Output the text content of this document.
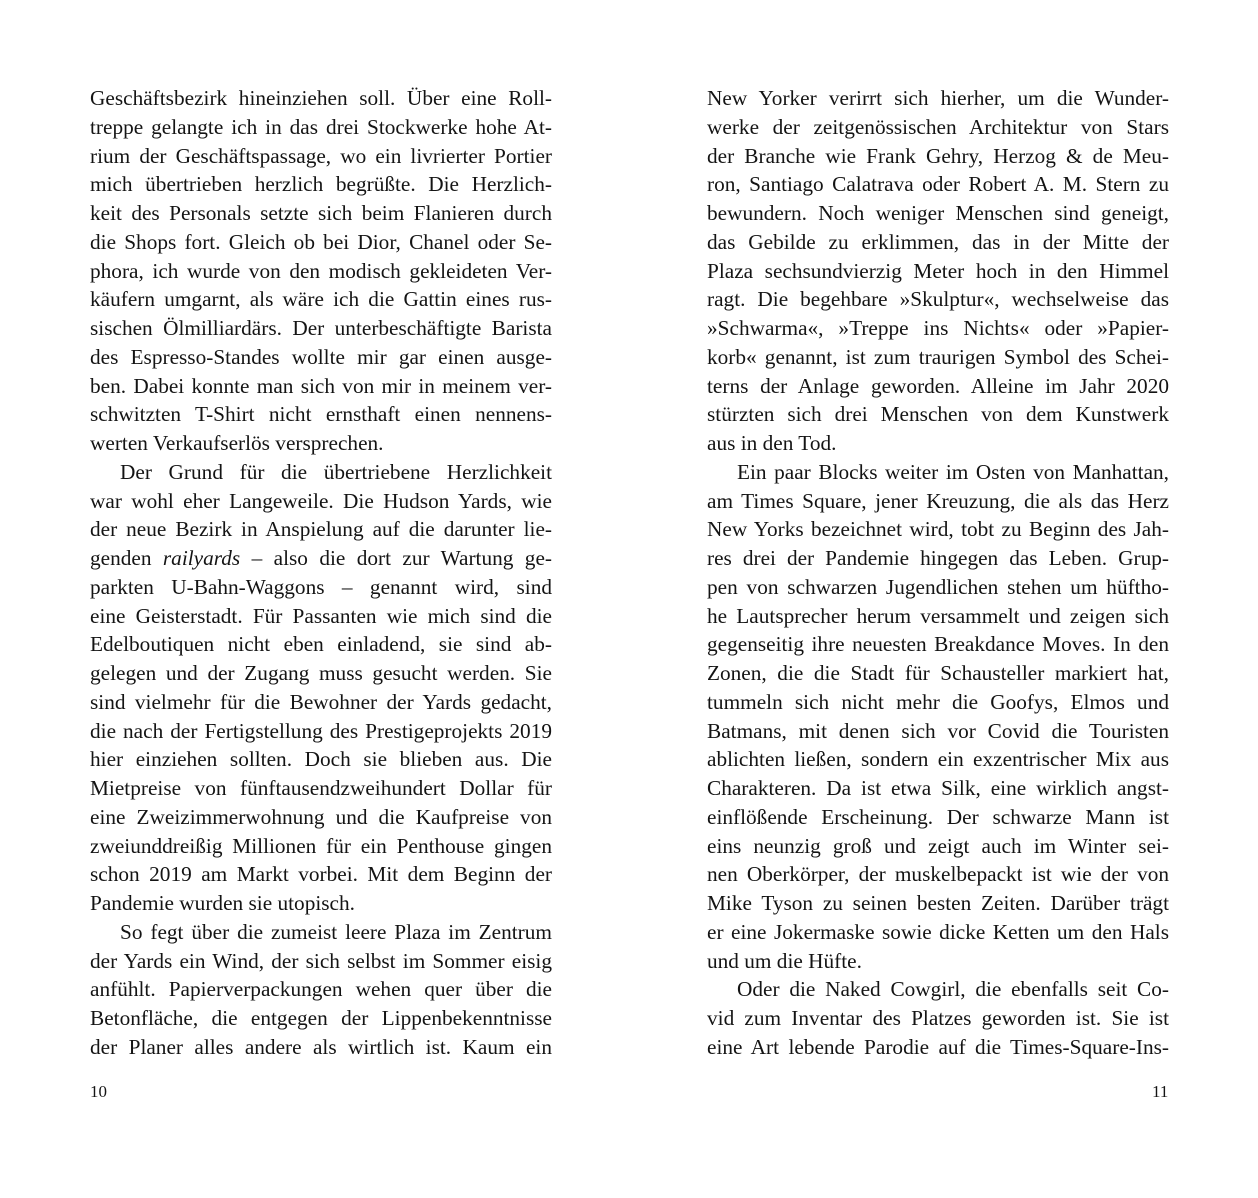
Geschäftsbezirk hineinziehen soll. Über eine Roll-
treppe gelangte ich in das drei Stockwerke hohe At-
rium der Geschäftspassage, wo ein livrierter Portier
mich übertrieben herzlich begrüßte. Die Herzlich-
keit des Personals setzte sich beim Flanieren durch
die Shops fort. Gleich ob bei Dior, Chanel oder Se-
phora, ich wurde von den modisch gekleideten Ver-
käufern umgarnt, als wäre ich die Gattin eines rus-
sischen Ölmilliardärs. Der unterbeschäftigte Barista
des Espresso-Standes wollte mir gar einen ausge-
ben. Dabei konnte man sich von mir in meinem ver-
schwitzten T-Shirt nicht ernsthaft einen nennens-
werten Verkaufserlös versprechen.
Der Grund für die übertriebene Herzlichkeit
war wohl eher Langeweile. Die Hudson Yards, wie
der neue Bezirk in Anspielung auf die darunter lie-
genden railyards – also die dort zur Wartung ge-
parkten U-Bahn-Waggons – genannt wird, sind
eine Geisterstadt. Für Passanten wie mich sind die
Edelboutiquen nicht eben einladend, sie sind ab-
gelegen und der Zugang muss gesucht werden. Sie
sind vielmehr für die Bewohner der Yards gedacht,
die nach der Fertigstellung des Prestigeprojekts 2019
hier einziehen sollten. Doch sie blieben aus. Die
Mietpreise von fünftausendzweihundert Dollar für
eine Zweizimmerwohnung und die Kaufpreise von
zweiunddreißig Millionen für ein Penthouse gingen
schon 2019 am Markt vorbei. Mit dem Beginn der
Pandemie wurden sie utopisch.
So fegt über die zumeist leere Plaza im Zentrum
der Yards ein Wind, der sich selbst im Sommer eisig
anfühlt. Papierverpackungen wehen quer über die
Betonfläche, die entgegen der Lippenbekenntnisse
der Planer alles andere als wirtlich ist. Kaum ein
New Yorker verirrt sich hierher, um die Wunder-
werke der zeitgenössischen Architektur von Stars
der Branche wie Frank Gehry, Herzog & de Meu-
ron, Santiago Calatrava oder Robert A. M. Stern zu
bewundern. Noch weniger Menschen sind geneigt,
das Gebilde zu erklimmen, das in der Mitte der
Plaza sechsundvierzig Meter hoch in den Himmel
ragt. Die begehbare »Skulptur«, wechselweise das
»Schwarma«, »Treppe ins Nichts« oder »Papier-
korb« genannt, ist zum traurigen Symbol des Schei-
terns der Anlage geworden. Alleine im Jahr 2020
stürzten sich drei Menschen von dem Kunstwerk
aus in den Tod.
Ein paar Blocks weiter im Osten von Manhattan,
am Times Square, jener Kreuzung, die als das Herz
New Yorks bezeichnet wird, tobt zu Beginn des Jah-
res drei der Pandemie hingegen das Leben. Grup-
pen von schwarzen Jugendlichen stehen um hüftho-
he Lautsprecher herum versammelt und zeigen sich
gegenseitig ihre neuesten Breakdance Moves. In den
Zonen, die die Stadt für Schausteller markiert hat,
tummeln sich nicht mehr die Goofys, Elmos und
Batmans, mit denen sich vor Covid die Touristen
ablichten ließen, sondern ein exzentrischer Mix aus
Charakteren. Da ist etwa Silk, eine wirklich angst-
einflößende Erscheinung. Der schwarze Mann ist
eins neunzig groß und zeigt auch im Winter sei-
nen Oberkörper, der muskelbepackt ist wie der von
Mike Tyson zu seinen besten Zeiten. Darüber trägt
er eine Jokermaske sowie dicke Ketten um den Hals
und um die Hüfte.
Oder die Naked Cowgirl, die ebenfalls seit Co-
vid zum Inventar des Platzes geworden ist. Sie ist
eine Art lebende Parodie auf die Times-Square-Ins-
10	11
